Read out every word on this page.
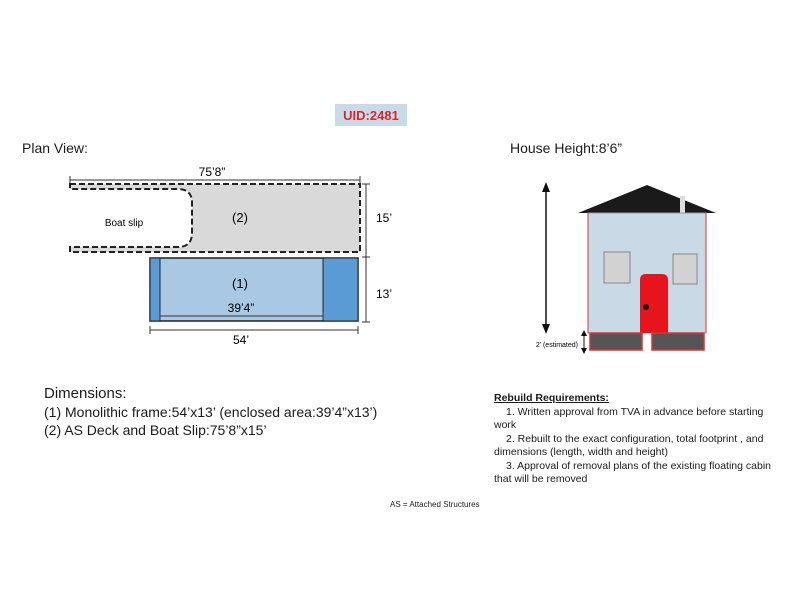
UID:2481
Plan View:	House Height:8’6”
75’8”
Boat slip	(2)	15’
13’
(1)
39’4”
54’	2’ (estimated)
Dimensions:
(1) Monolithic frame:54’x13’ (enclosed area:39’4”x13’)
(2) AS Deck and Boat Slip:75’8”x15’
Rebuild Requirements:

1. Written approval from TVA in advance before starting work

2. Rebuilt to the exact configuration, total footprint , and dimensions (length, width and height)

3. Approval of removal plans of the existing floating cabin that will be removed

AS = Attached Structures
